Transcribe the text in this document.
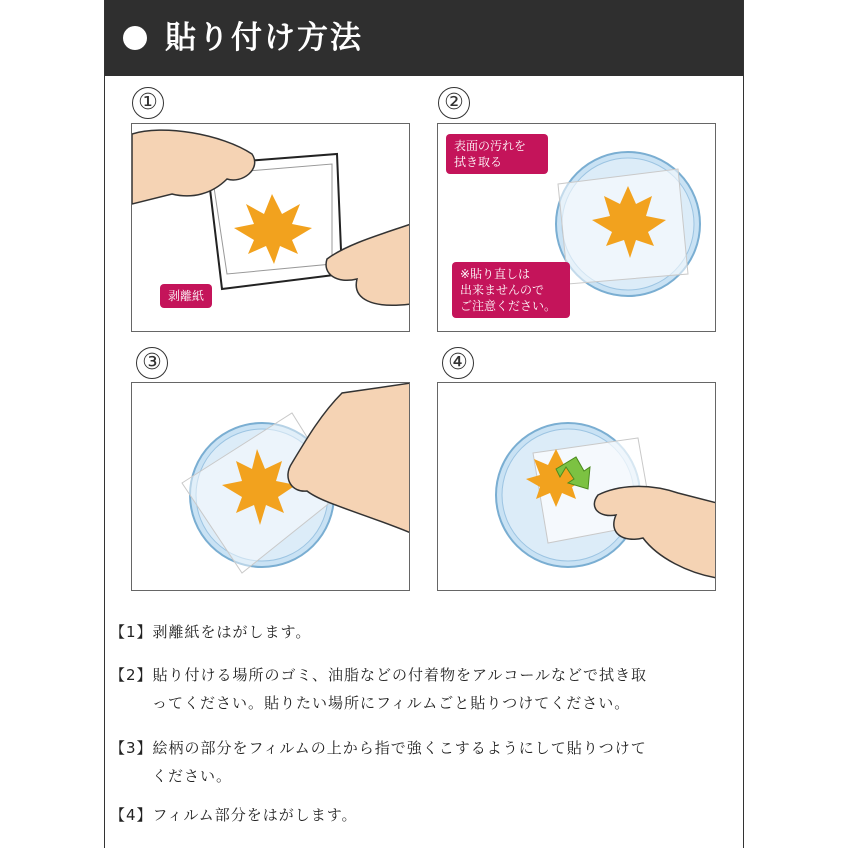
貼り付け方法
①
剥離紙
②
表面の汚れを
拭き取る
※貼り直しは
出来ませんので
ご注意ください。
③	④
【1】剥離紙をはがします。
【2】貼り付ける場所のゴミ、油脂などの付着物をアルコールなどで拭き取
ってください。貼りたい場所にフィルムごと貼りつけてください。
【3】絵柄の部分をフィルムの上から指で強くこするようにして貼りつけて
ください。
【4】フィルム部分をはがします。
